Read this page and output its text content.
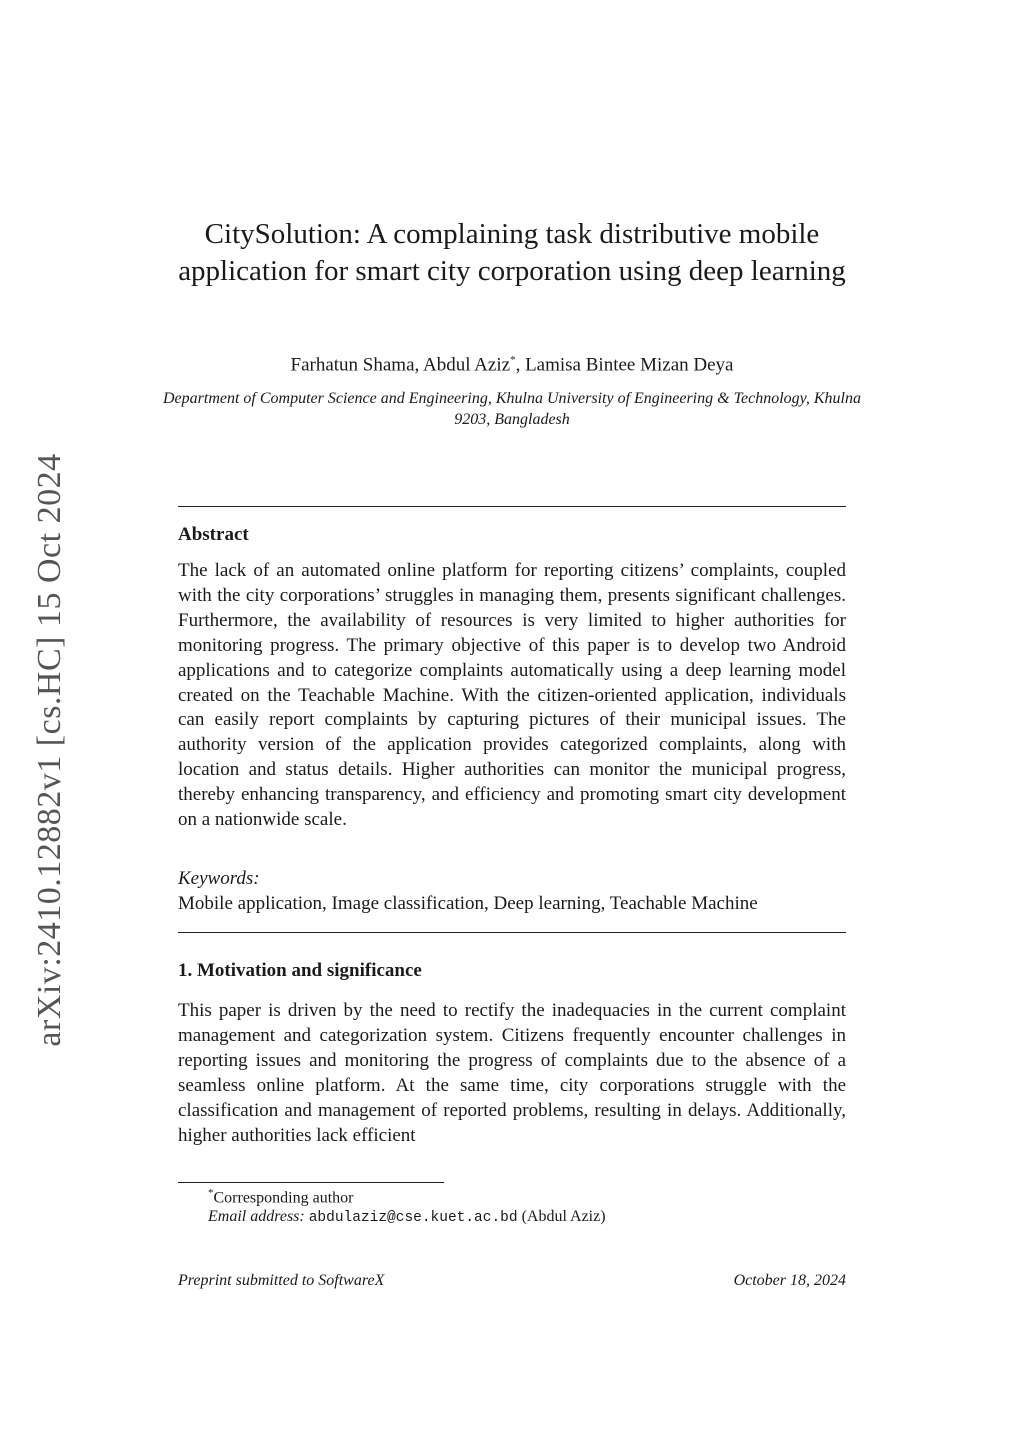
arXiv:2410.12882v1 [cs.HC] 15 Oct 2024
CitySolution: A complaining task distributive mobile application for smart city corporation using deep learning
Farhatun Shama, Abdul Aziz*, Lamisa Bintee Mizan Deya
Department of Computer Science and Engineering, Khulna University of Engineering & Technology, Khulna 9203, Bangladesh
Abstract
The lack of an automated online platform for reporting citizens’ complaints, coupled with the city corporations’ struggles in managing them, presents significant challenges. Furthermore, the availability of resources is very limited to higher authorities for monitoring progress. The primary objective of this paper is to develop two Android applications and to categorize complaints automatically using a deep learning model created on the Teachable Machine. With the citizen-oriented application, individuals can easily report complaints by capturing pictures of their municipal issues. The authority version of the application provides categorized complaints, along with location and status details. Higher authorities can monitor the municipal progress, thereby enhancing transparency, and efficiency and promoting smart city development on a nationwide scale.
Keywords:
Mobile application, Image classification, Deep learning, Teachable Machine
1. Motivation and significance
This paper is driven by the need to rectify the inadequacies in the current complaint management and categorization system. Citizens frequently encounter challenges in reporting issues and monitoring the progress of complaints due to the absence of a seamless online platform. At the same time, city corporations struggle with the classification and management of reported problems, resulting in delays. Additionally, higher authorities lack efficient
*Corresponding author
Email address: abdulaziz@cse.kuet.ac.bd (Abdul Aziz)
Preprint submitted to SoftwareX	October 18, 2024
